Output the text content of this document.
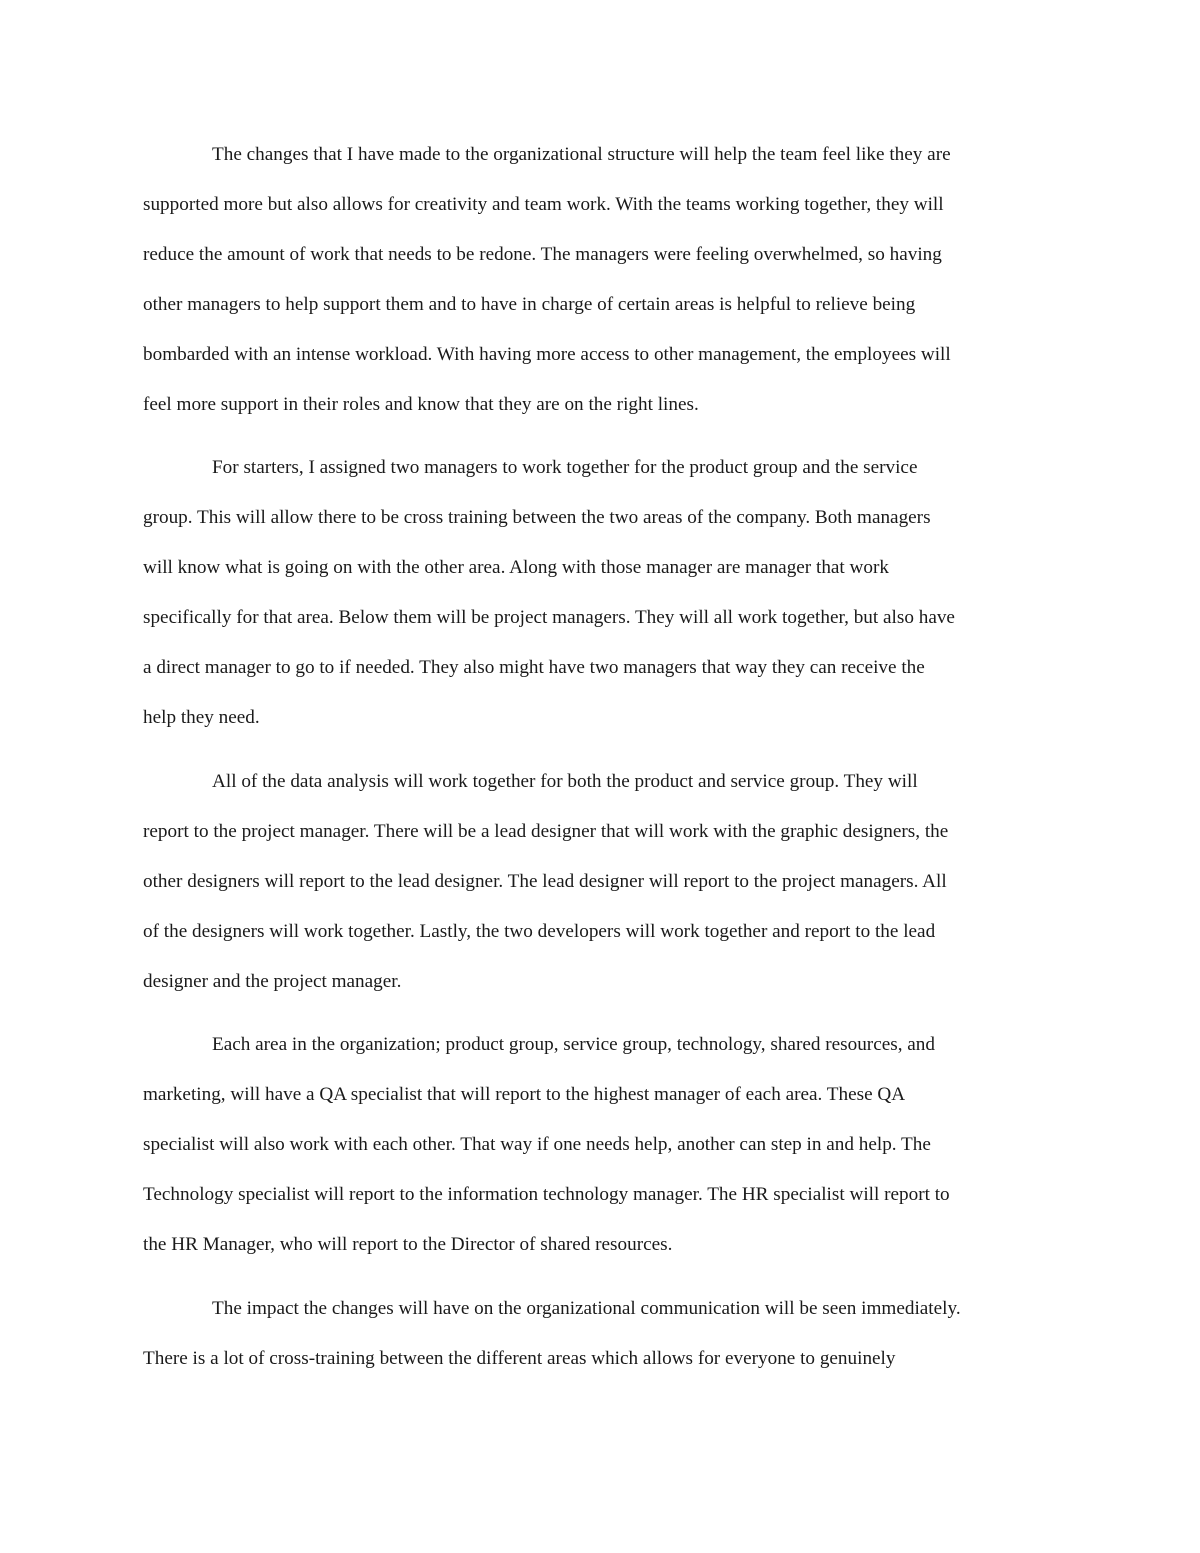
The changes that I have made to the organizational structure will help the team feel like they are
supported more but also allows for creativity and team work. With the teams working together, they will
reduce the amount of work that needs to be redone. The managers were feeling overwhelmed, so having
other managers to help support them and to have in charge of certain areas is helpful to relieve being
bombarded with an intense workload. With having more access to other management, the employees will
feel more support in their roles and know that they are on the right lines.
For starters, I assigned two managers to work together for the product group and the service
group. This will allow there to be cross training between the two areas of the company. Both managers
will know what is going on with the other area. Along with those manager are manager that work
specifically for that area. Below them will be project managers. They will all work together, but also have
a direct manager to go to if needed. They also might have two managers that way they can receive the
help they need.
All of the data analysis will work together for both the product and service group. They will
report to the project manager. There will be a lead designer that will work with the graphic designers, the
other designers will report to the lead designer. The lead designer will report to the project managers. All
of the designers will work together. Lastly, the two developers will work together and report to the lead
designer and the project manager.
Each area in the organization; product group, service group, technology, shared resources, and
marketing, will have a QA specialist that will report to the highest manager of each area. These QA
specialist will also work with each other. That way if one needs help, another can step in and help. The
Technology specialist will report to the information technology manager. The HR specialist will report to
the HR Manager, who will report to the Director of shared resources.
The impact the changes will have on the organizational communication will be seen immediately.
There is a lot of cross-training between the different areas which allows for everyone to genuinely
